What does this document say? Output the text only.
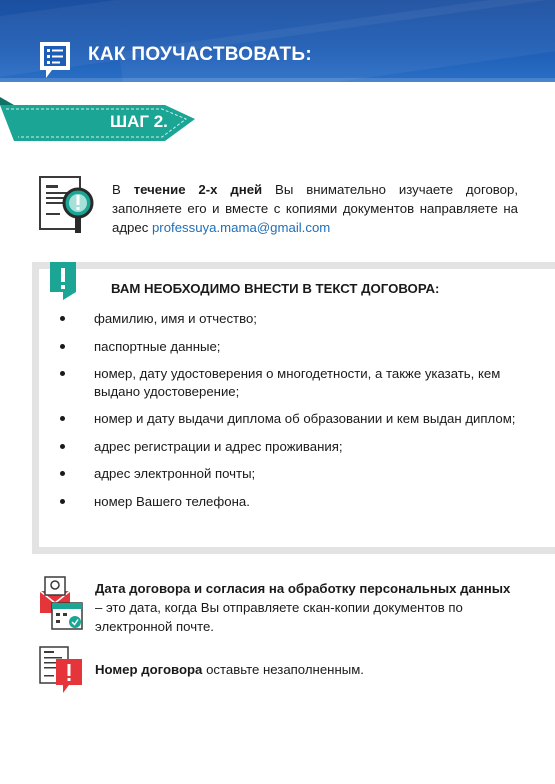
КАК ПОУЧАСТВОВАТЬ:
ШАГ 2.
В течение 2-х дней Вы внимательно изучаете договор, заполняете его и вместе с копиями документов направляете на адрес professuya.mama@gmail.com
ВАМ НЕОБХОДИМО ВНЕСТИ В ТЕКСТ ДОГОВОРА:
фамилию, имя и отчество;
паспортные данные;
номер, дату удостоверения о многодетности, а также указать, кем выдано удостоверение;
номер и дату выдачи диплома об образовании и кем выдан диплом;
адрес регистрации и адрес проживания;
адрес электронной почты;
номер Вашего телефона.
Дата договора и согласия на обработку персональных данных – это дата, когда Вы отправляете скан-копии документов по электронной почте.
Номер договора оставьте незаполненным.
